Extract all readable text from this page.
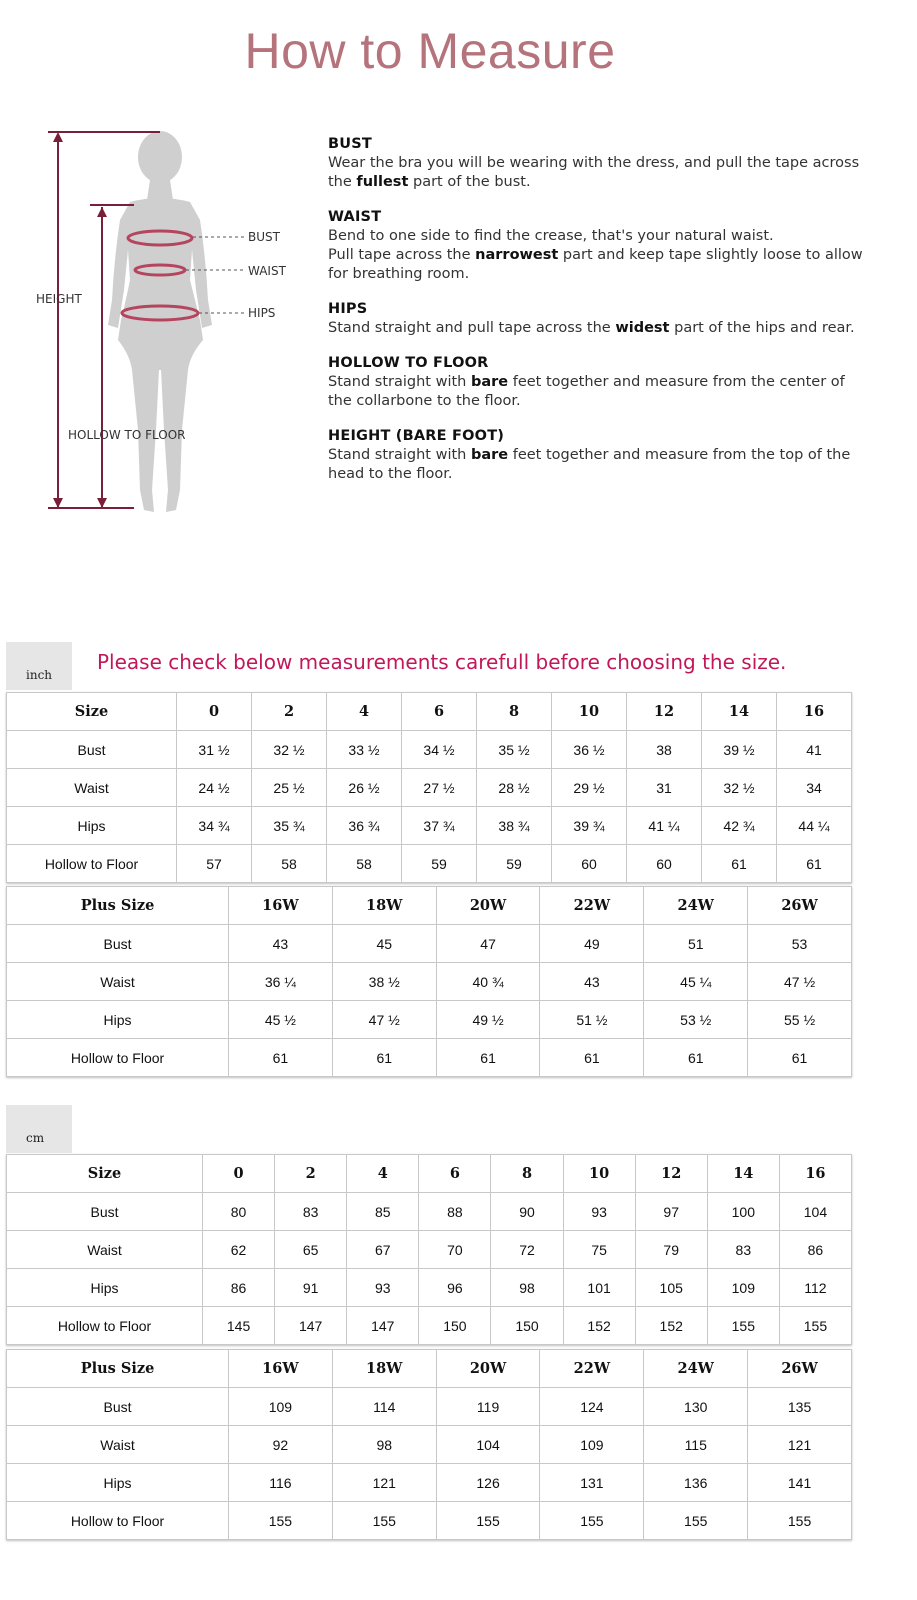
How to Measure
BUST
WAIST
HIPS
HEIGHT
HOLLOW TO FLOOR
BUST

Wear the bra you will be wearing with the dress, and pull the tape across
the fullest part of the bust.

WAIST

Bend to one side to find the crease, that's your natural waist.
Pull tape across the narrowest part and keep tape slightly loose to allow
for breathing room.

HIPS

Stand straight and pull tape across the widest part of the hips and rear.

HOLLOW TO FLOOR

Stand straight with bare feet together and measure from the center of
the collarbone to the floor.

HEIGHT (BARE FOOT)

Stand straight with bare feet together and measure from the top of the
head to the floor.

inch
Please check below measurements carefull before choosing the size.
Size	0	2	4	6	8	10	12	14	16
Bust	31 ½	32 ½	33 ½	34 ½	35 ½	36 ½	38	39 ½	41
Waist	24 ½	25 ½	26 ½	27 ½	28 ½	29 ½	31	32 ½	34
Hips	34 ¾	35 ¾	36 ¾	37 ¾	38 ¾	39 ¾	41 ¼	42 ¾	44 ¼
Hollow to Floor	57	58	58	59	59	60	60	61	61
Plus Size	16W	18W	20W	22W	24W	26W
Bust	43	45	47	49	51	53
Waist	36 ¼	38 ½	40 ¾	43	45 ¼	47 ½
Hips	45 ½	47 ½	49 ½	51 ½	53 ½	55 ½
Hollow to Floor	61	61	61	61	61	61
cm
Size	0	2	4	6	8	10	12	14	16
Bust	80	83	85	88	90	93	97	100	104
Waist	62	65	67	70	72	75	79	83	86
Hips	86	91	93	96	98	101	105	109	112
Hollow to Floor	145	147	147	150	150	152	152	155	155
Plus Size	16W	18W	20W	22W	24W	26W
Bust	109	114	119	124	130	135
Waist	92	98	104	109	115	121
Hips	116	121	126	131	136	141
Hollow to Floor	155	155	155	155	155	155
